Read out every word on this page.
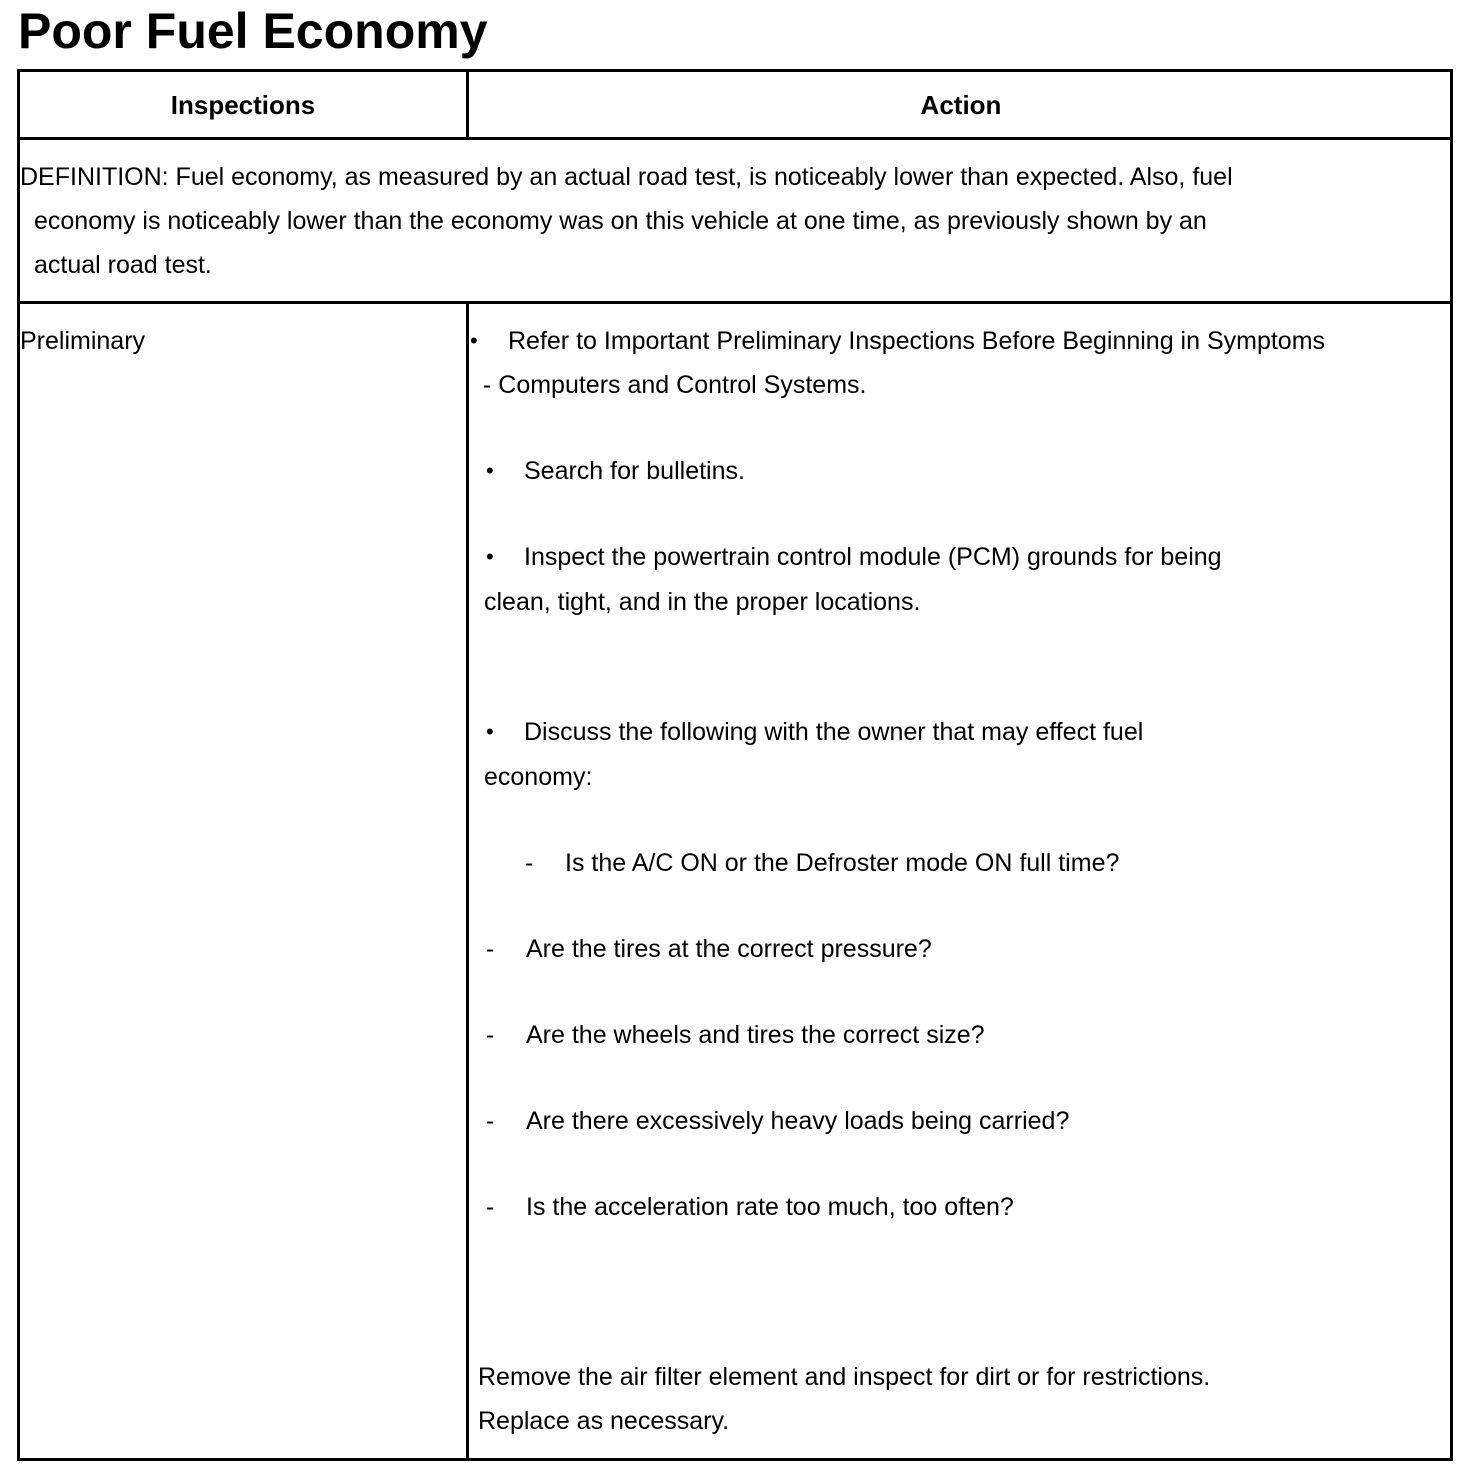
Poor Fuel Economy
Inspections	Action
DEFINITION: Fuel economy, as measured by an actual road test, is noticeably lower than expected. Also, fuel
economy is noticeably lower than the economy was on this vehicle at one time, as previously shown by an
actual road test.
Preliminary	• Refer to Important Preliminary Inspections Before Beginning in Symptoms
- Computers and Control Systems.
• Search for bulletins.
• Inspect the powertrain control module (PCM) grounds for being
clean, tight, and in the proper locations.
• Discuss the following with the owner that may effect fuel
economy:
- Is the A/C ON or the Defroster mode ON full time?
- Are the tires at the correct pressure?
- Are the wheels and tires the correct size?
- Are there excessively heavy loads being carried?
- Is the acceleration rate too much, too often?
Remove the air filter element and inspect for dirt or for restrictions.
Replace as necessary.
